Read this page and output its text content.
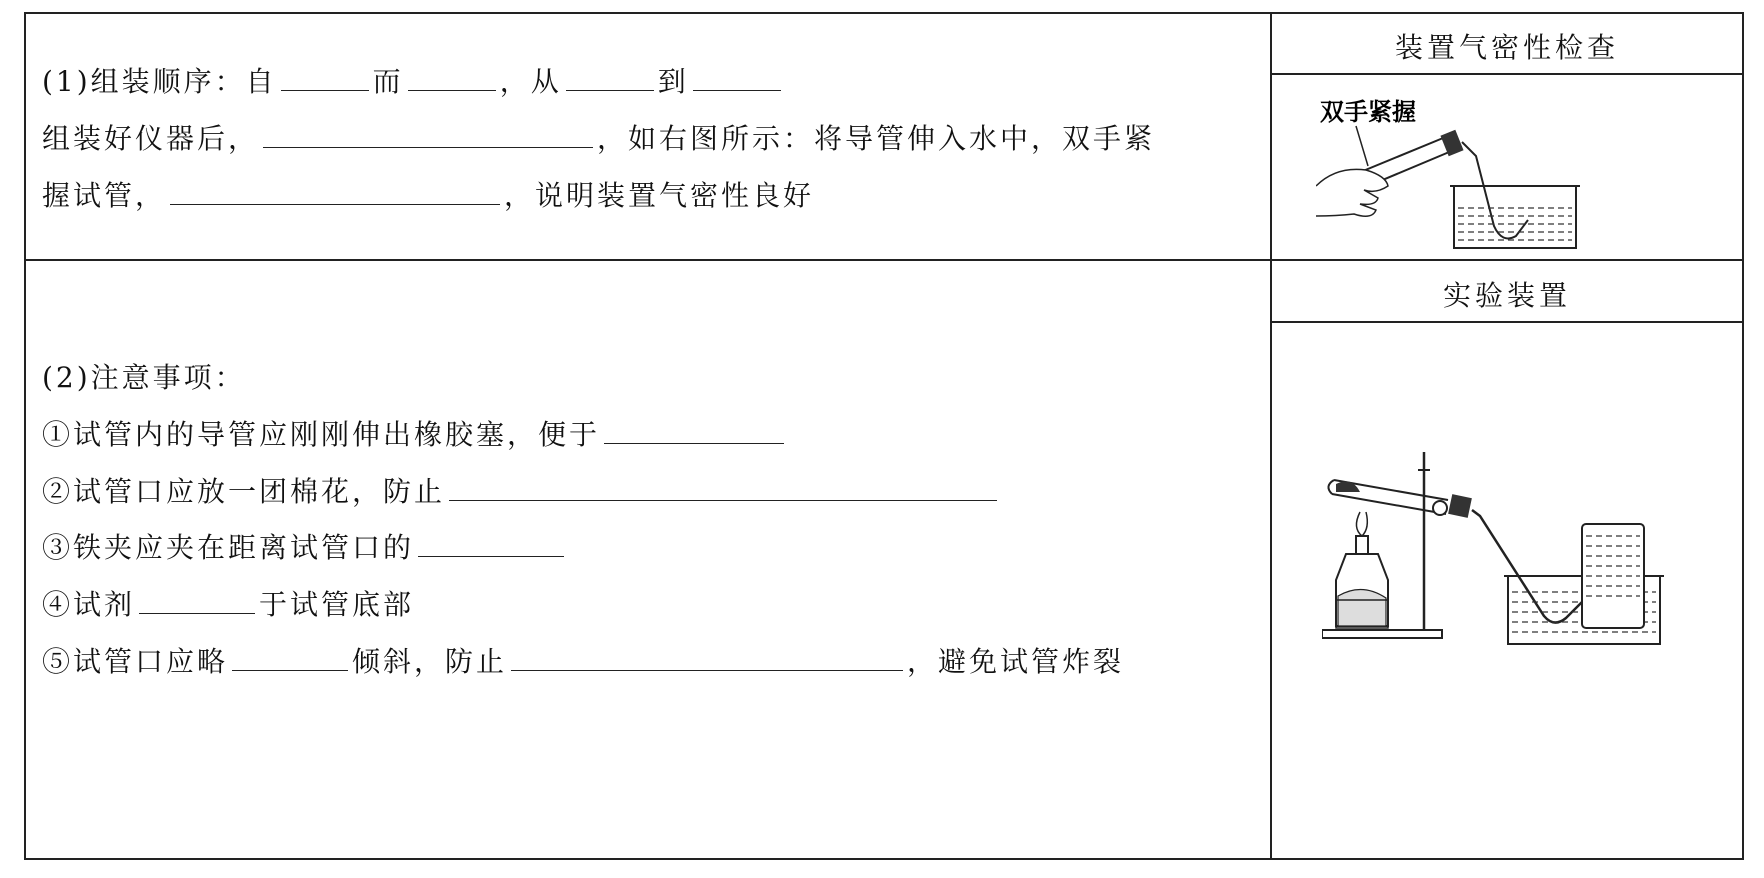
(1)组装顺序：自	而	，从	到
组装好仪器后，	，如右图所示：将导管伸入水中，双手紧
握试管，	，说明装置气密性良好
装置气密性检查
双手紧握
(2)注意事项：
①试管内的导管应刚刚伸出橡胶塞，便于
②试管口应放一团棉花，防止
③铁夹应夹在距离试管口的
④试剂	于试管底部
⑤试管口应略	倾斜，防止	，避免试管炸裂
实验装置
